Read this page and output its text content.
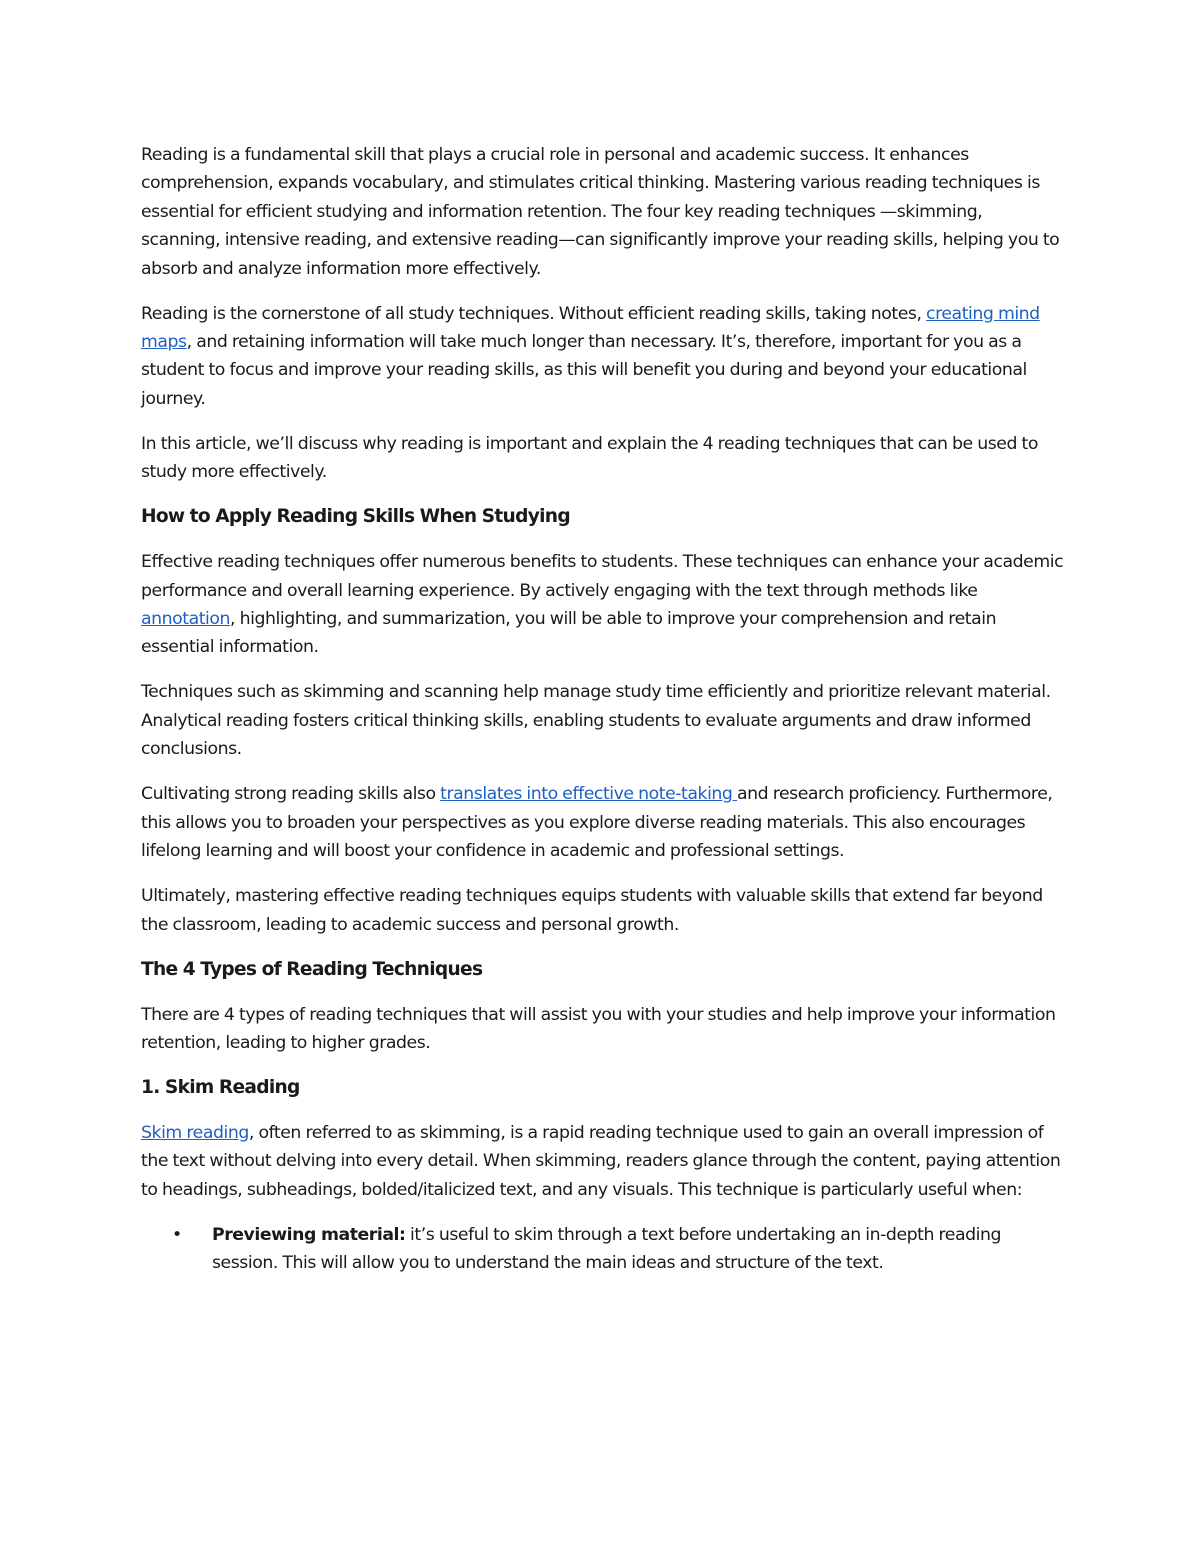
Reading is a fundamental skill that plays a crucial role in personal and academic success. It enhances comprehension, expands vocabulary, and stimulates critical thinking. Mastering various reading techniques is essential for efficient studying and information retention. The four key reading techniques —skimming, scanning, intensive reading, and extensive reading—can significantly improve your reading skills, helping you to absorb and analyze information more effectively.

Reading is the cornerstone of all study techniques. Without efficient reading skills, taking notes, creating mind maps, and retaining information will take much longer than necessary. It’s, therefore, important for you as a student to focus and improve your reading skills, as this will benefit you during and beyond your educational journey.

In this article, we’ll discuss why reading is important and explain the 4 reading techniques that can be used to study more effectively.

How to Apply Reading Skills When Studying

Effective reading techniques offer numerous benefits to students. These techniques can enhance your academic performance and overall learning experience. By actively engaging with the text through methods like annotation, highlighting, and summarization, you will be able to improve your comprehension and retain essential information.

Techniques such as skimming and scanning help manage study time efficiently and prioritize relevant material. Analytical reading fosters critical thinking skills, enabling students to evaluate arguments and draw informed conclusions.

Cultivating strong reading skills also translates into effective note-taking and research proficiency. Furthermore, this allows you to broaden your perspectives as you explore diverse reading materials. This also encourages lifelong learning and will boost your confidence in academic and professional settings.

Ultimately, mastering effective reading techniques equips students with valuable skills that extend far beyond the classroom, leading to academic success and personal growth.

The 4 Types of Reading Techniques

There are 4 types of reading techniques that will assist you with your studies and help improve your information retention, leading to higher grades.

1. Skim Reading

Skim reading, often referred to as skimming, is a rapid reading technique used to gain an overall impression of the text without delving into every detail. When skimming, readers glance through the content, paying attention to headings, subheadings, bolded/italicized text, and any visuals. This technique is particularly useful when:

• Previewing material: it’s useful to skim through a text before undertaking an in-depth reading session. This will allow you to understand the main ideas and structure of the text.
